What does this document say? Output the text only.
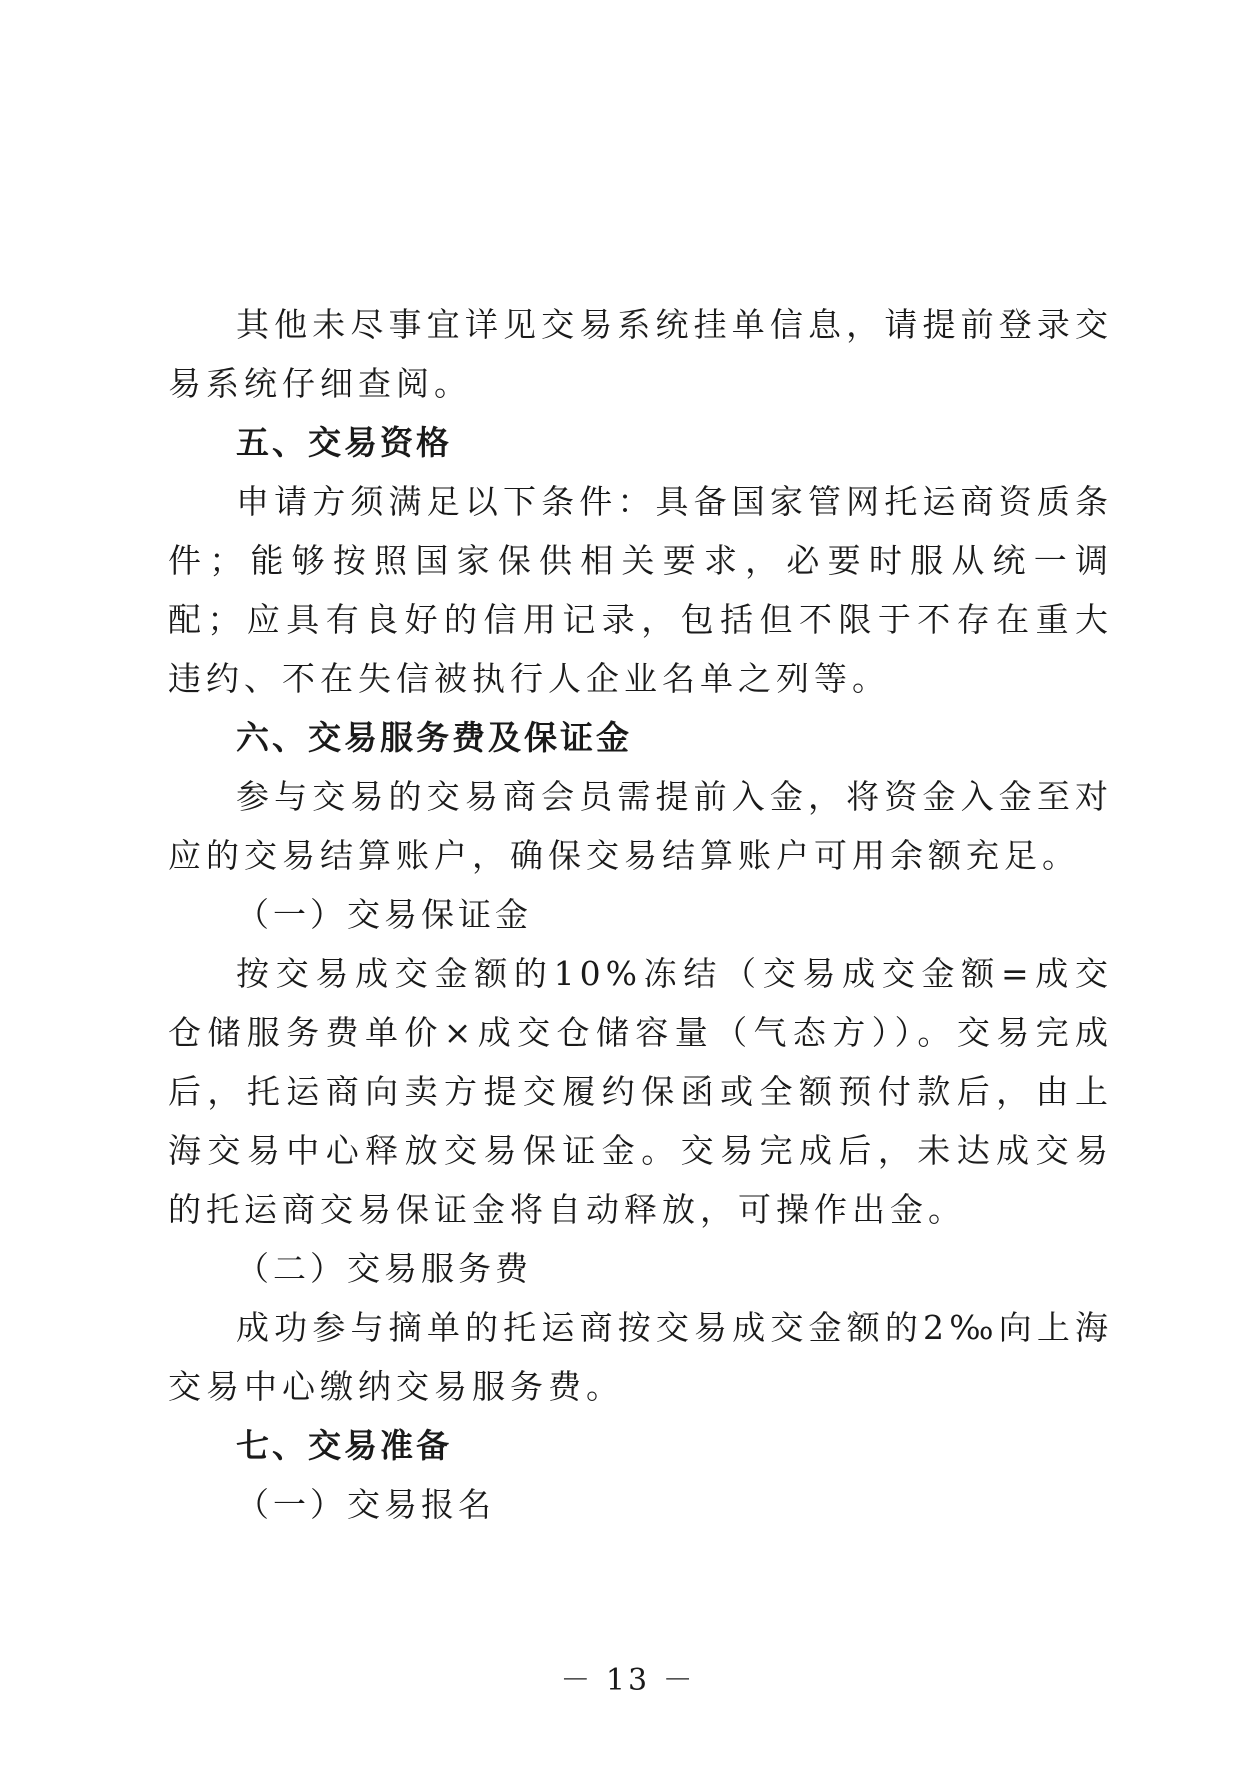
其他未尽事宜详见交易系统挂单信息，请提前登录交易系统仔细查阅。

五、交易资格

申请方须满足以下条件：具备国家管网托运商资质条件；能够按照国家保供相关要求，必要时服从统一调配；应具有良好的信用记录，包括但不限于不存在重大违约、不在失信被执行人企业名单之列等。

六、交易服务费及保证金

参与交易的交易商会员需提前入金，将资金入金至对应的交易结算账户，确保交易结算账户可用余额充足。

（一）交易保证金

按交易成交金额的10%冻结（交易成交金额=成交仓储服务费单价×成交仓储容量（气态方））。交易完成后，托运商向卖方提交履约保函或全额预付款后，由上海交易中心释放交易保证金。交易完成后，未达成交易的托运商交易保证金将自动释放，可操作出金。

（二）交易服务费

成功参与摘单的托运商按交易成交金额的2‰向上海交易中心缴纳交易服务费。

七、交易准备

（一）交易报名

－ 13 －
